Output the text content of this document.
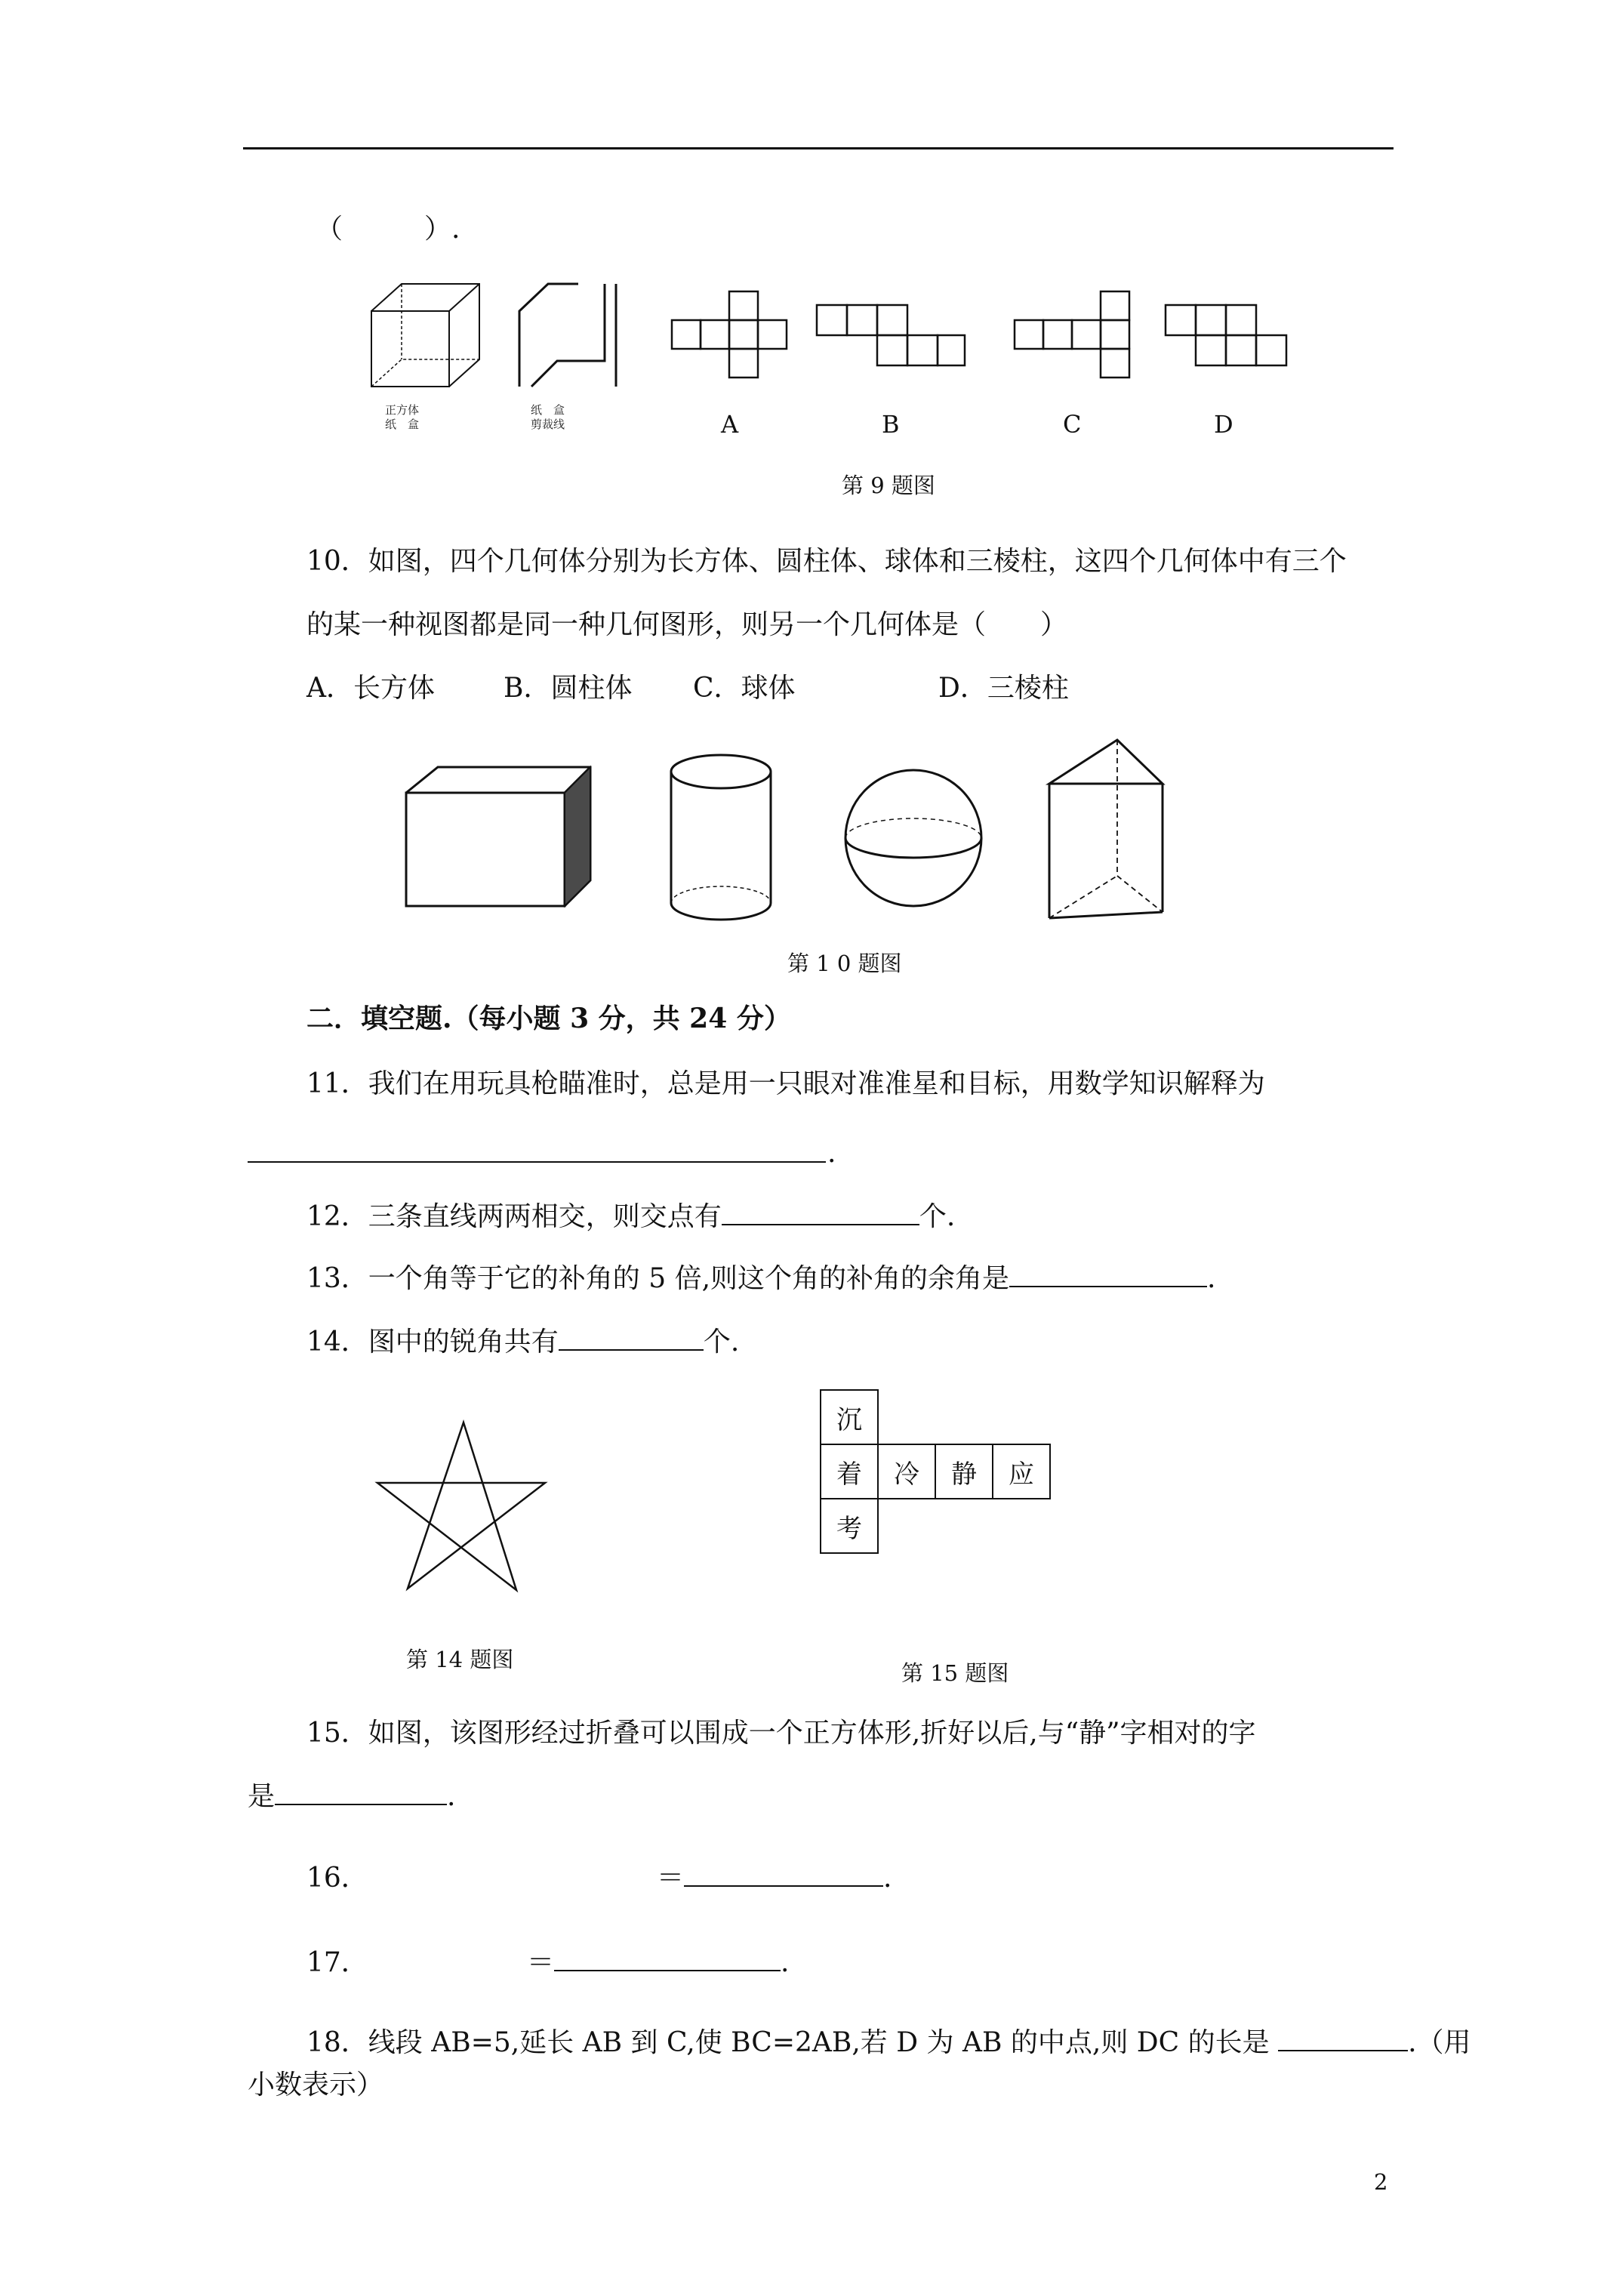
（　　　）.
正方体
纸　盒
纸　盒
剪裁线	A	B	C	D
第 9 题图
10．如图，四个几何体分别为长方体、圆柱体、球体和三棱柱，这四个几何体中有三个
的某一种视图都是同一种几何图形，则另一个几何体是（　　）
A．长方体	B．圆柱体 C．球体	D．三棱柱
第 1 0 题图
二．填空题.（每小题 3 分，共 24 分）
11．我们在用玩具枪瞄准时，总是用一只眼对准准星和目标，用数学知识解释为
.
12．三条直线两两相交，则交点有	个.
13．一个角等于它的补角的 5 倍,则这个角的补角的余角是	.
14．图中的锐角共有	个.
第 14 题图
沉
着	冷	静	应
考
第 15 题图
15．如图，该图形经过折叠可以围成一个正方体形,折好以后,与“静”字相对的字
是	.
16．	＝	.
17．	＝	.
18．线段 AB=5,延长 AB 到 C,使 BC=2AB,若 D 为 AB 的中点,则 DC 的长是	.（用
小数表示）
2
